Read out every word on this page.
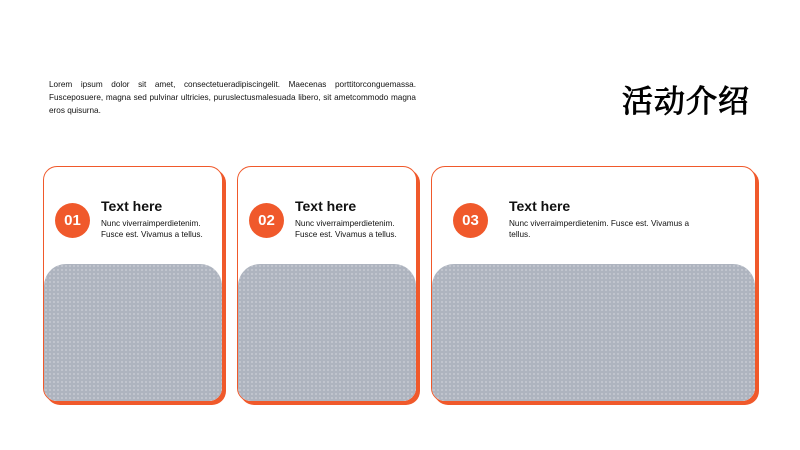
Lorem ipsum dolor sit amet, consectetueradipiscingelit. Maecenas porttitorconguemassa. Fusceposuere, magna sed pulvinar ultricies, puruslectusmalesuada libero, sit ametcommodo magna eros quisurna.	活动介绍
01
Text here
Nunc viverraimperdietenim. Fusce est. Vivamus a tellus.
02
Text here
Nunc viverraimperdietenim. Fusce est. Vivamus a tellus.
03
Text here
Nunc viverraimperdietenim. Fusce est. Vivamus a tellus.
